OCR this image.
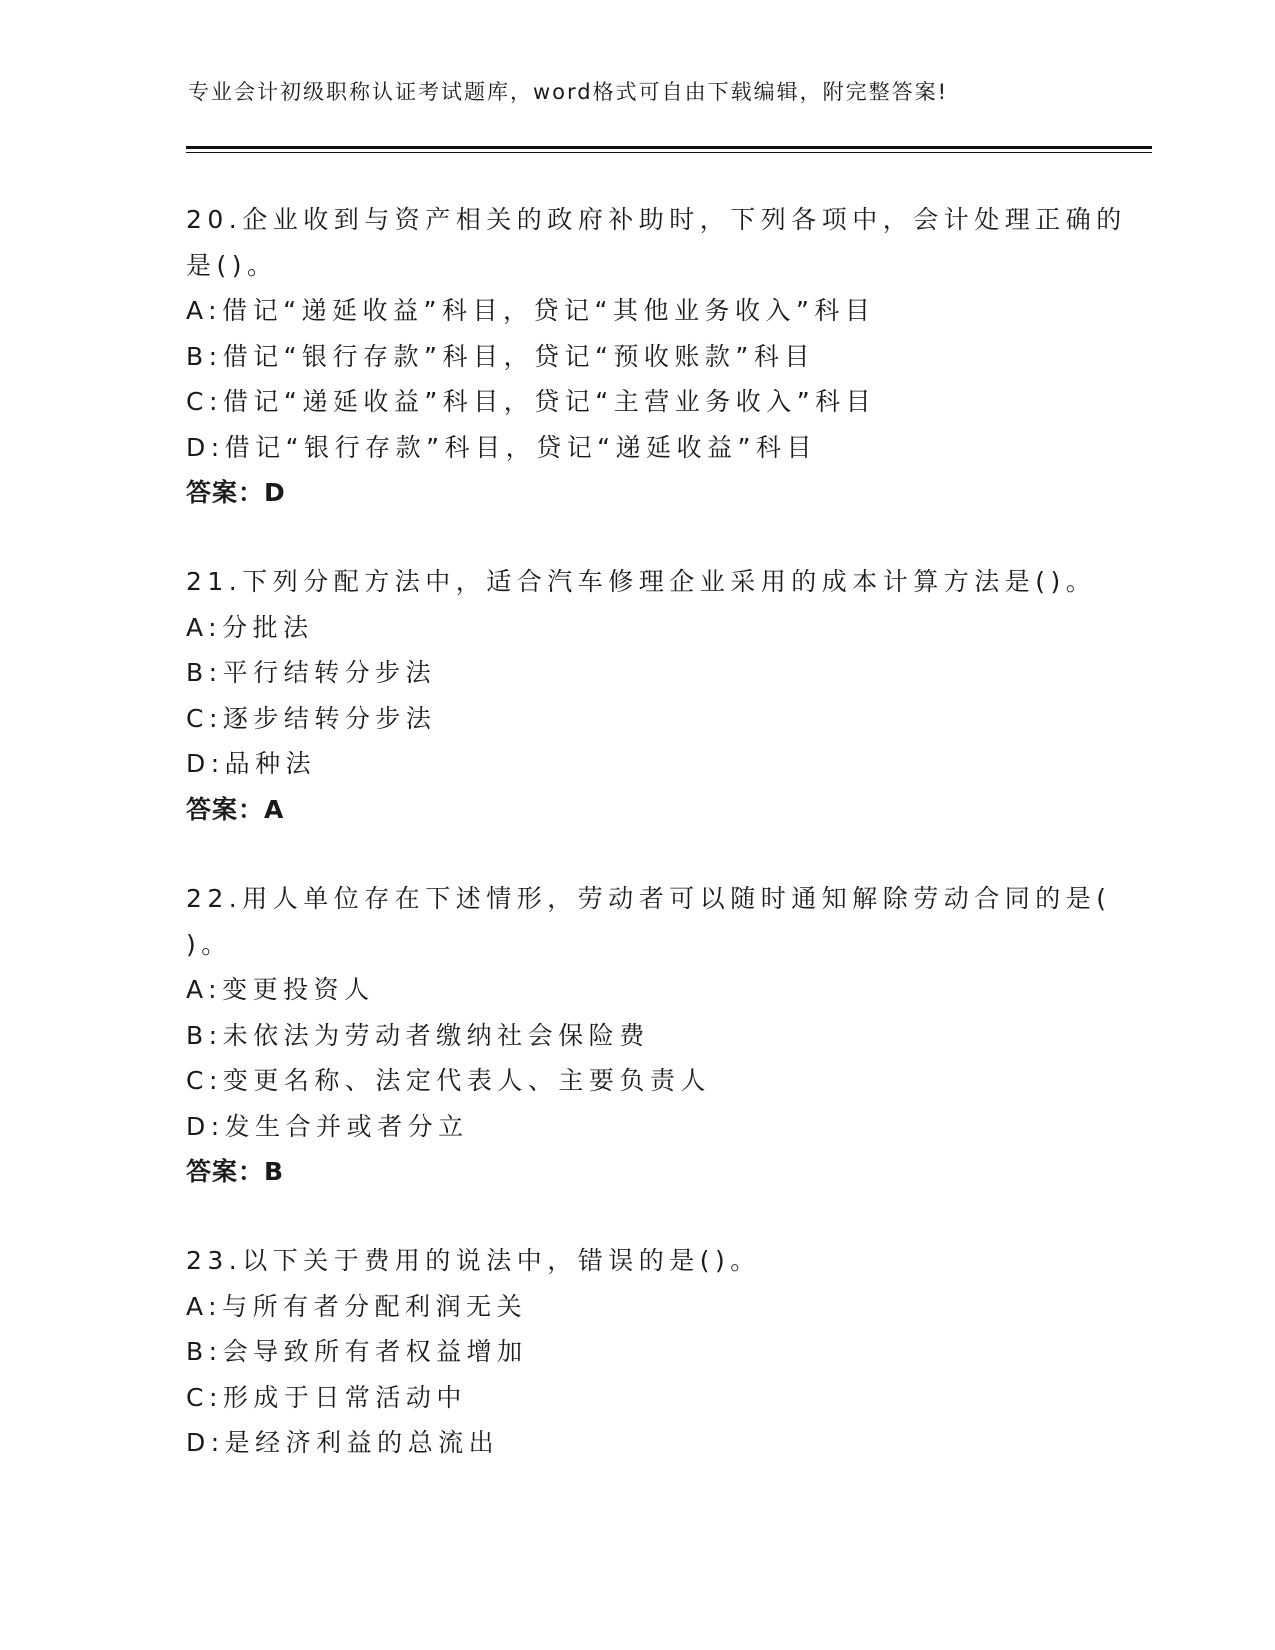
专业会计初级职称认证考试题库，word格式可自由下载编辑，附完整答案!
20.企业收到与资产相关的政府补助时，下列各项中，会计处理正确的
是()。
A:借记“递延收益”科目，贷记“其他业务收入”科目
B:借记“银行存款”科目，贷记“预收账款”科目
C:借记“递延收益”科目，贷记“主营业务收入”科目
D:借记“银行存款”科目，贷记“递延收益”科目
答案：D
21.下列分配方法中，适合汽车修理企业采用的成本计算方法是()。
A:分批法
B:平行结转分步法
C:逐步结转分步法
D:品种法
答案：A
22.用人单位存在下述情形，劳动者可以随时通知解除劳动合同的是(
)。
A:变更投资人
B:未依法为劳动者缴纳社会保险费
C:变更名称、法定代表人、主要负责人
D:发生合并或者分立
答案：B
23.以下关于费用的说法中，错误的是()。
A:与所有者分配利润无关
B:会导致所有者权益增加
C:形成于日常活动中
D:是经济利益的总流出
